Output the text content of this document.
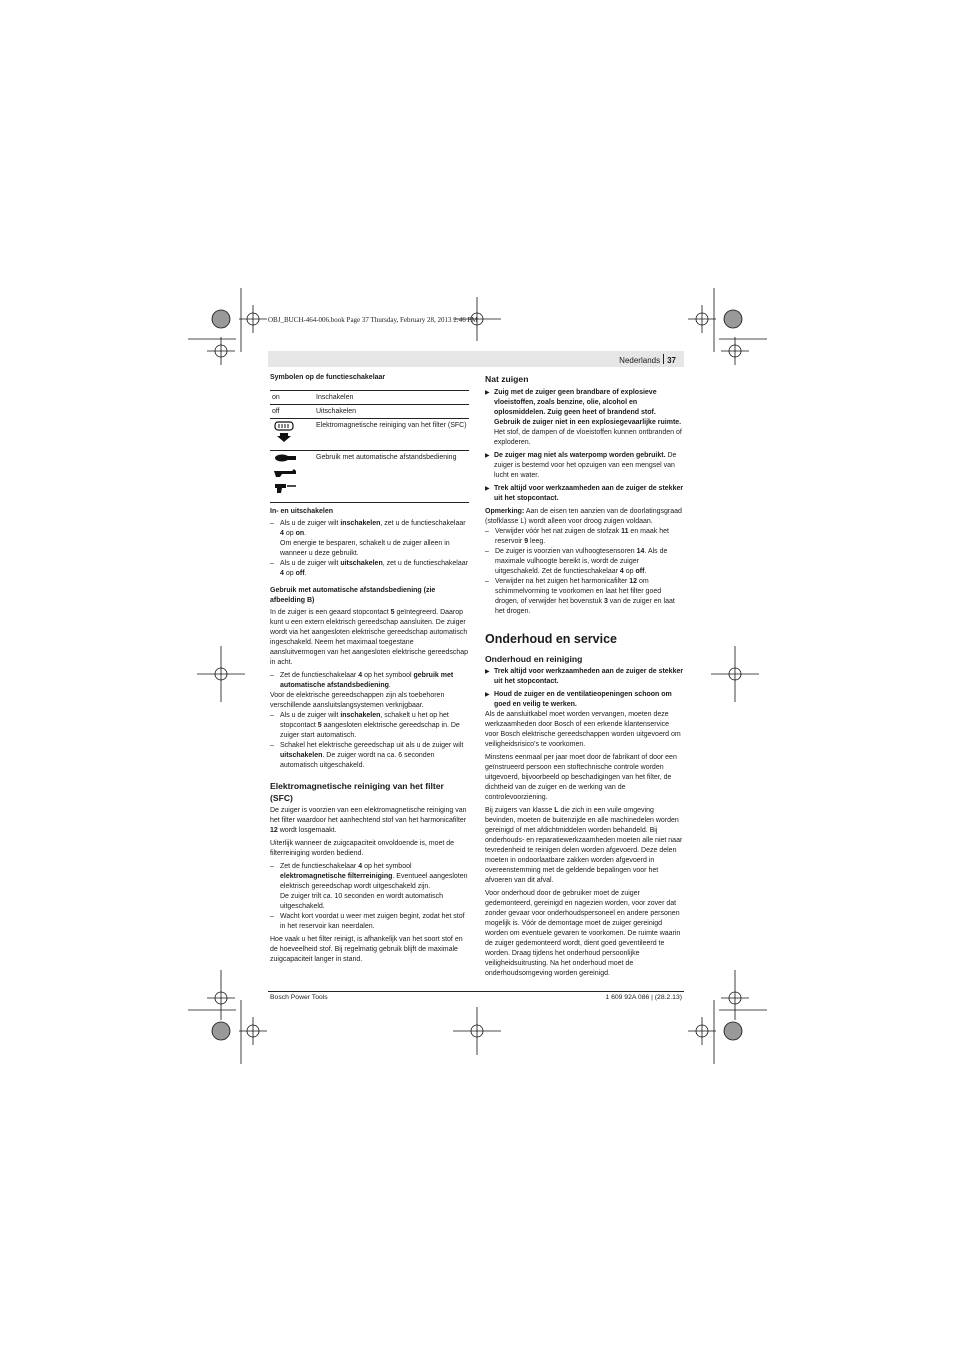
OBJ_BUCH-464-006.book Page 37 Thursday, February 28, 2013 2:46 PM
Nederlands 37

Symbolen op de functieschakelaar

on	Inschakelen
off	Uitschakelen
	Elektromagnetische reiniging van het filter (SFC)
	Gebruik met automatische afstandsbediening

In- en uitschakelen

– Als u de zuiger wilt inschakelen, zet u de functieschakelaar 4 op on.

Om energie te besparen, schakelt u de zuiger alleen in wanneer u deze gebruikt.

– Als u de zuiger wilt uitschakelen, zet u de functieschakelaar 4 op off.

Gebruik met automatische afstandsbediening (zie afbeelding B)

In de zuiger is een geaard stopcontact 5 geïntegreerd. Daarop kunt u een extern elektrisch gereedschap aansluiten. De zuiger wordt via het aangesloten elektrische gereedschap automatisch ingeschakeld. Neem het maximaal toegestane aansluitvermogen van het aangesloten elektrische gereedschap in acht.

– Zet de functieschakelaar 4 op het symbool gebruik met automatische afstandsbediening.

Voor de elektrische gereedschappen zijn als toebehoren verschillende aansluitslangsystemen verkrijgbaar.

– Als u de zuiger wilt inschakelen, schakelt u het op het stopcontact 5 aangesloten elektrische gereedschap in. De zuiger start automatisch.

– Schakel het elektrische gereedschap uit als u de zuiger wilt uitschakelen. De zuiger wordt na ca. 6 seconden automatisch uitgeschakeld.

Elektromagnetische reiniging van het filter (SFC)

De zuiger is voorzien van een elektromagnetische reiniging van het filter waardoor het aanhechtend stof van het harmonicafilter 12 wordt losgemaakt.

Uiterlijk wanneer de zuigcapaciteit onvoldoende is, moet de filterreiniging worden bediend.

– Zet de functieschakelaar 4 op het symbool elektromagnetische filterreiniging. Eventueel aangesloten elektrisch gereedschap wordt uitgeschakeld zijn.

De zuiger trilt ca. 10 seconden en wordt automatisch uitgeschakeld.

– Wacht kort voordat u weer met zuigen begint, zodat het stof in het reservoir kan neerdalen.

Hoe vaak u het filter reinigt, is afhankelijk van het soort stof en de hoeveelheid stof. Bij regelmatig gebruik blijft de maximale zuigcapaciteit langer in stand.

Nat zuigen

▶ Zuig met de zuiger geen brandbare of explosieve vloeistoffen, zoals benzine, olie, alcohol en oplosmiddelen. Zuig geen heet of brandend stof. Gebruik de zuiger niet in een explosiegevaarlijke ruimte. Het stof, de dampen of de vloeistoffen kunnen ontbranden of exploderen.

▶ De zuiger mag niet als waterpomp worden gebruikt. De zuiger is bestemd voor het opzuigen van een mengsel van lucht en water.

▶ Trek altijd voor werkzaamheden aan de zuiger de stekker uit het stopcontact.

Opmerking: Aan de eisen ten aanzien van de doorlatingsgraad (stofklasse L) wordt alleen voor droog zuigen voldaan.

– Verwijder vóór het nat zuigen de stofzak 11 en maak het reservoir 9 leeg.

– De zuiger is voorzien van vulhoogtesensoren 14. Als de maximale vulhoogte bereikt is, wordt de zuiger uitgeschakeld. Zet de functieschakelaar 4 op off.

– Verwijder na het zuigen het harmonicafilter 12 om schimmelvorming te voorkomen en laat het filter goed drogen, of verwijder het bovenstuk 3 van de zuiger en laat het drogen.

Onderhoud en service

Onderhoud en reiniging

▶ Trek altijd voor werkzaamheden aan de zuiger de stekker uit het stopcontact.

▶ Houd de zuiger en de ventilatieopeningen schoon om goed en veilig te werken.

Als de aansluitkabel moet worden vervangen, moeten deze werkzaamheden door Bosch of een erkende klantenservice voor Bosch elektrische gereedschappen worden uitgevoerd om veiligheidsrisico’s te voorkomen.

Minstens eenmaal per jaar moet door de fabrikant of door een geïnstrueerd persoon een stoftechnische controle worden uitgevoerd, bijvoorbeeld op beschadigingen van het filter, de dichtheid van de zuiger en de werking van de controlevoorziening.

Bij zuigers van klasse L die zich in een vuile omgeving bevinden, moeten de buitenzijde en alle machinedelen worden gereinigd of met afdichtmiddelen worden behandeld. Bij onderhouds- en reparatiewerkzaamheden moeten alle niet naar tevredenheid te reinigen delen worden afgevoerd. Deze delen moeten in ondoorlaatbare zakken worden afgevoerd in overeenstemming met de geldende bepalingen voor het afvoeren van dit afval.

Voor onderhoud door de gebruiker moet de zuiger gedemonteerd, gereinigd en nagezien worden, voor zover dat zonder gevaar voor onderhoudspersoneel en andere personen mogelijk is. Vóór de demontage moet de zuiger gereinigd worden om eventuele gevaren te voorkomen. De ruimte waarin de zuiger gedemonteerd wordt, dient goed geventileerd te worden. Draag tijdens het onderhoud persoonlijke veiligheidsuitrusting. Na het onderhoud moet de onderhoudsomgeving worden gereinigd.

Bosch Power Tools	1 609 92A 086 | (28.2.13)
